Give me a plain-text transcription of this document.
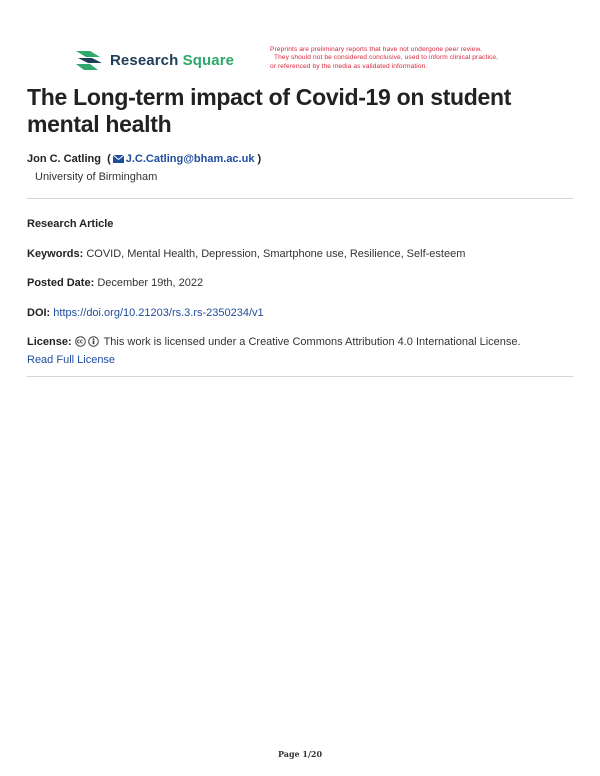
Research Square
Preprints are preliminary reports that have not undergone peer review.
They should not be considered conclusive, used to inform clinical practice,
or referenced by the media as validated information.
The Long-term impact of Covid-19 on student mental health
Jon C. Catling ( J.C.Catling@bham.ac.uk )
University of Birmingham
Research Article
Keywords: COVID, Mental Health, Depression, Smartphone use, Resilience, Self-esteem
Posted Date: December 19th, 2022
DOI: https://doi.org/10.21203/rs.3.rs-2350234/v1
License:	This work is licensed under a Creative Commons Attribution 4.0 International License.
Read Full License
Page 1/20
